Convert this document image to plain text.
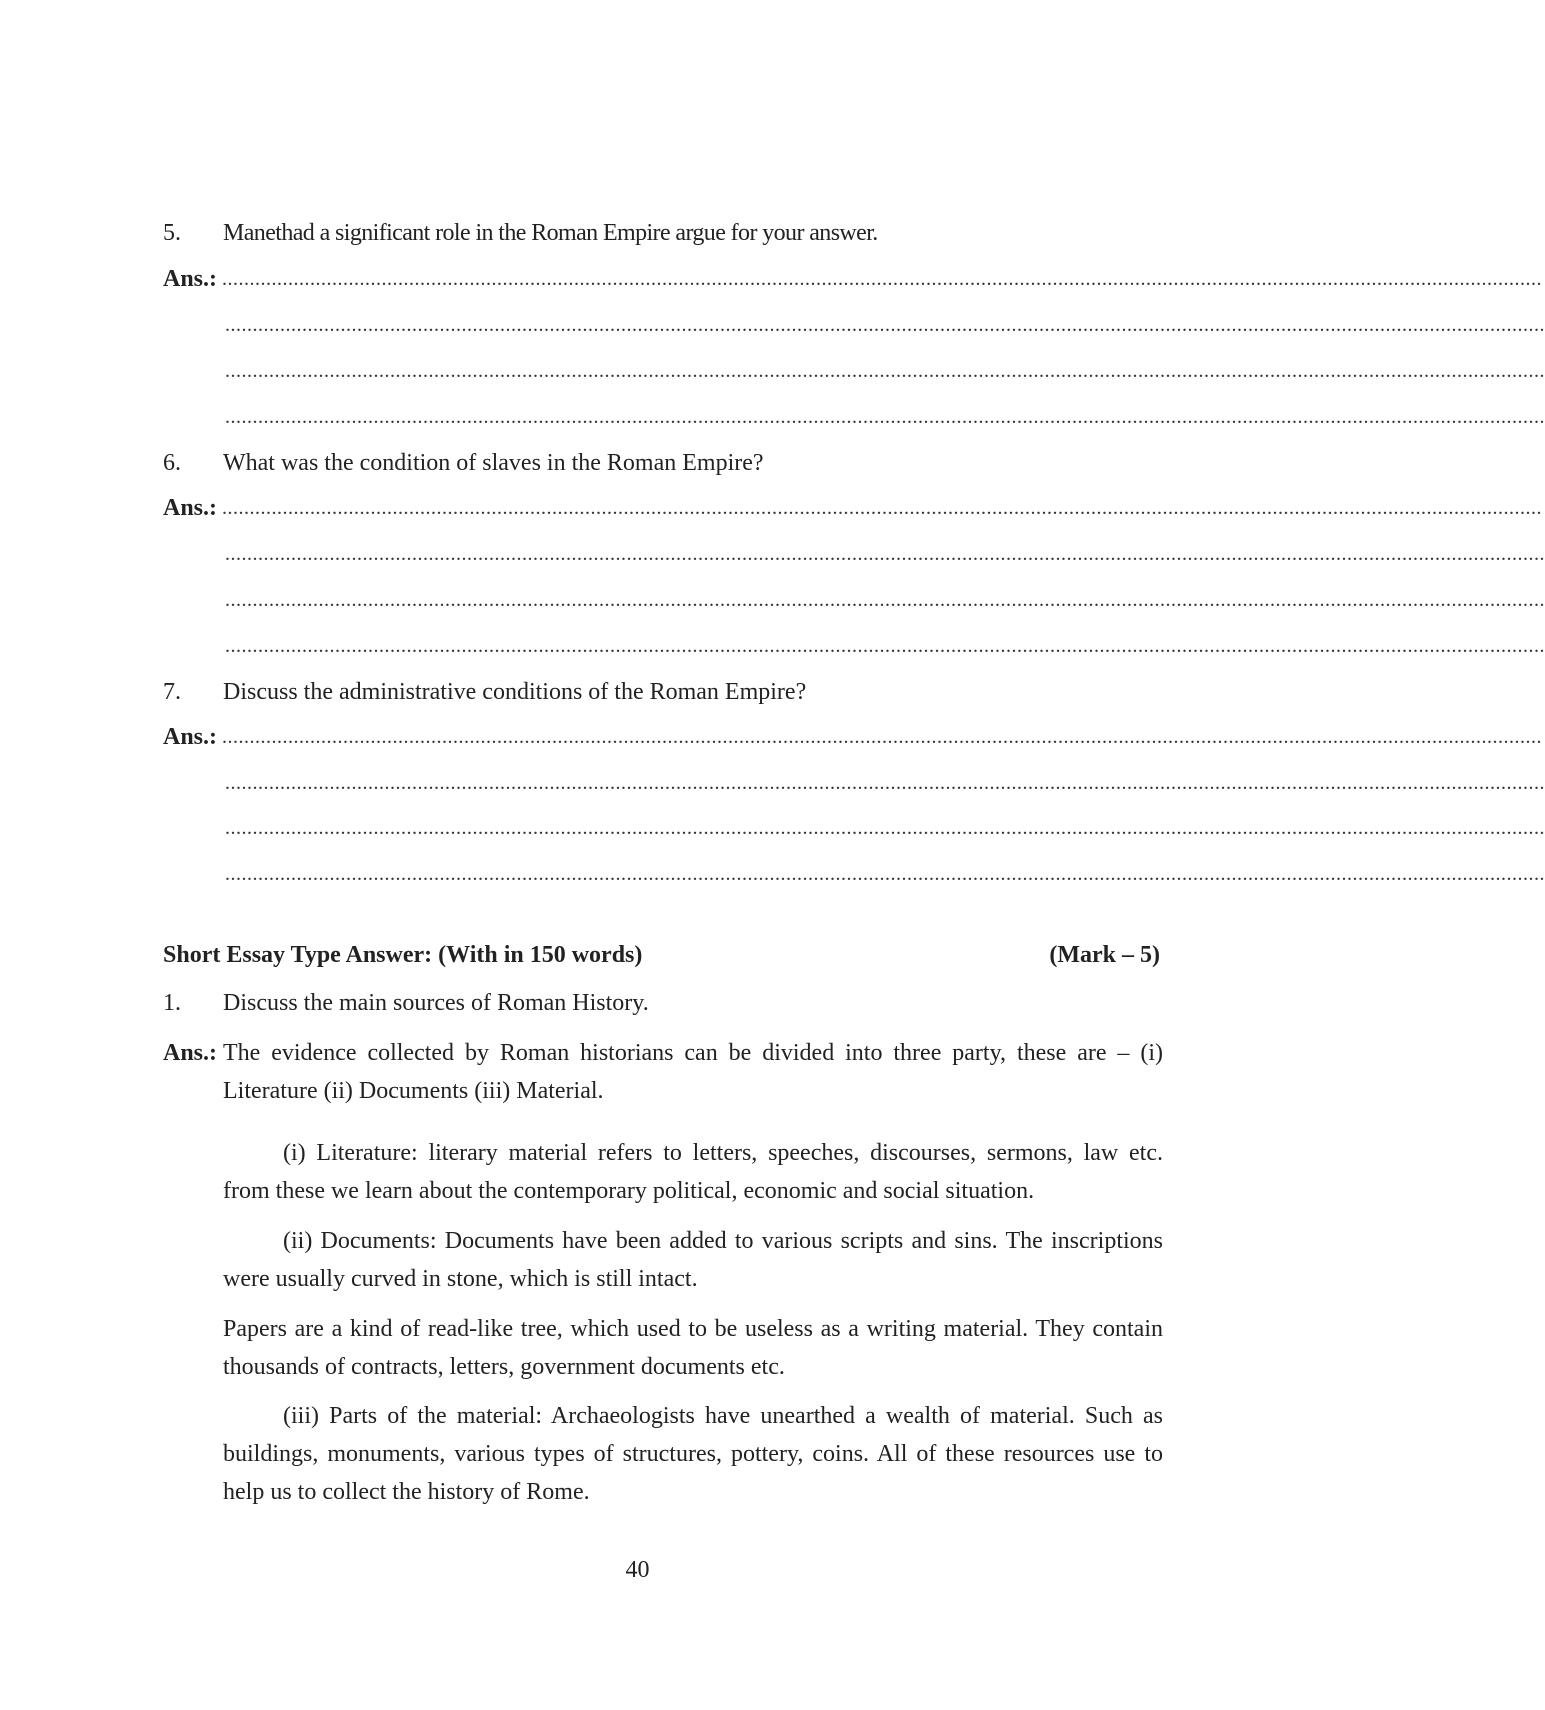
5. Manethad a significant role in the Roman Empire argue for your answer.
Ans.: ................................................................................................................................................................................................................................................
................................................................................................................................................................................................................................................
................................................................................................................................................................................................................................................
................................................................................................................................................................................................................................................
6. What was the condition of slaves in the Roman Empire?
Ans.: ................................................................................................................................................................................................................................................
................................................................................................................................................................................................................................................
................................................................................................................................................................................................................................................
................................................................................................................................................................................................................................................
7. Discuss the administrative conditions of the Roman Empire?
Ans.: ................................................................................................................................................................................................................................................
................................................................................................................................................................................................................................................
................................................................................................................................................................................................................................................
................................................................................................................................................................................................................................................
Short Essay Type Answer: (With in 150 words)	(Mark – 5)
1. Discuss the main sources of Roman History.
Ans.: The evidence collected by Roman historians can be divided into three party, these are – (i) Literature (ii) Documents (iii) Material.
(i) Literature: literary material refers to letters, speeches, discourses, sermons, law etc. from these we learn about the contemporary political, economic and social situation.
(ii) Documents: Documents have been added to various scripts and sins. The inscriptions were usually curved in stone, which is still intact.
Papers are a kind of read-like tree, which used to be useless as a writing material. They contain thousands of contracts, letters, government documents etc.
(iii) Parts of the material: Archaeologists have unearthed a wealth of material. Such as buildings, monuments, various types of structures, pottery, coins. All of these resources use to help us to collect the history of Rome.
40
